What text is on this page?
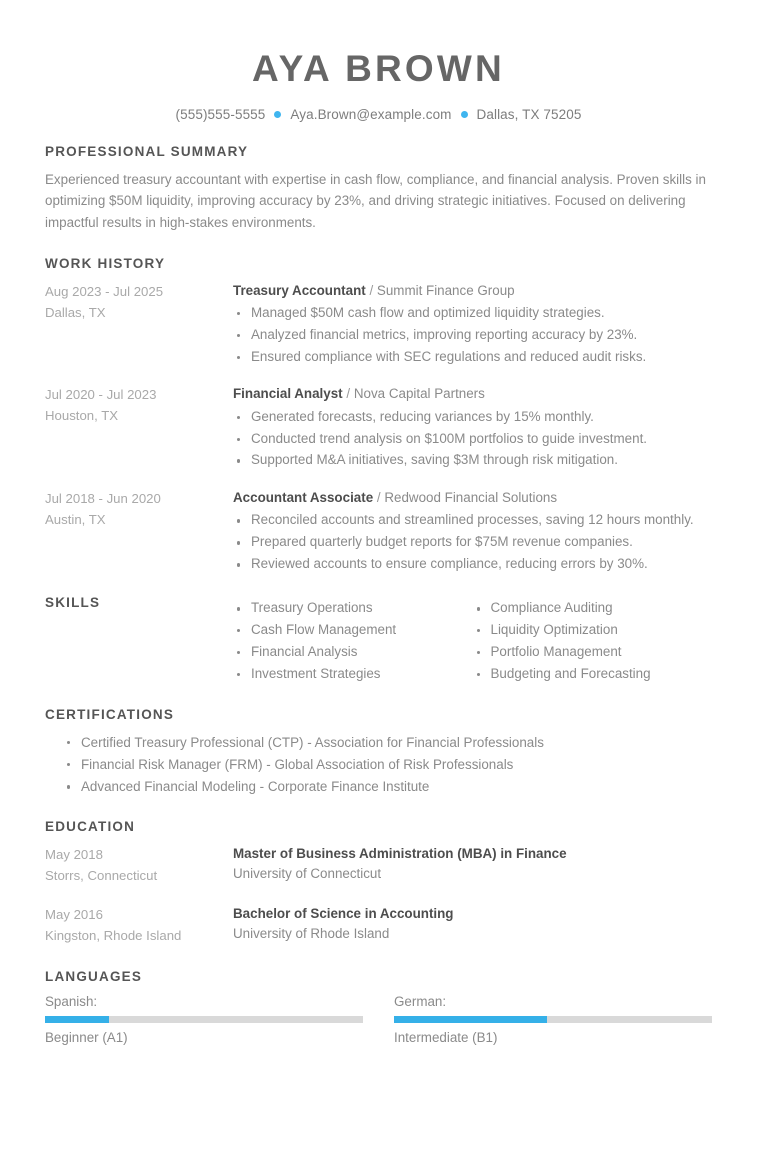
AYA BROWN
(555)555-5555 Aya.Brown@example.com Dallas, TX 75205
PROFESSIONAL SUMMARY
Experienced treasury accountant with expertise in cash flow, compliance, and financial analysis. Proven skills in optimizing $50M liquidity, improving accuracy by 23%, and driving strategic initiatives. Focused on delivering impactful results in high-stakes environments.
WORK HISTORY
Aug 2023 - Jul 2025
Dallas, TX
Treasury Accountant / Summit Finance Group
Managed $50M cash flow and optimized liquidity strategies.
Analyzed financial metrics, improving reporting accuracy by 23%.
Ensured compliance with SEC regulations and reduced audit risks.
Jul 2020 - Jul 2023
Houston, TX
Financial Analyst / Nova Capital Partners
Generated forecasts, reducing variances by 15% monthly.
Conducted trend analysis on $100M portfolios to guide investment.
Supported M&A initiatives, saving $3M through risk mitigation.
Jul 2018 - Jun 2020
Austin, TX
Accountant Associate / Redwood Financial Solutions
Reconciled accounts and streamlined processes, saving 12 hours monthly.
Prepared quarterly budget reports for $75M revenue companies.
Reviewed accounts to ensure compliance, reducing errors by 30%.
SKILLS	Treasury Operations
Cash Flow Management
Financial Analysis
Investment Strategies
Compliance Auditing
Liquidity Optimization
Portfolio Management
Budgeting and Forecasting
CERTIFICATIONS
Certified Treasury Professional (CTP) - Association for Financial Professionals
Financial Risk Manager (FRM) - Global Association of Risk Professionals
Advanced Financial Modeling - Corporate Finance Institute
EDUCATION
May 2018
Storrs, Connecticut
Master of Business Administration (MBA) in Finance
University of Connecticut
May 2016
Kingston, Rhode Island
Bachelor of Science in Accounting
University of Rhode Island
LANGUAGES
Spanish:
Beginner (A1)
German:
Intermediate (B1)
